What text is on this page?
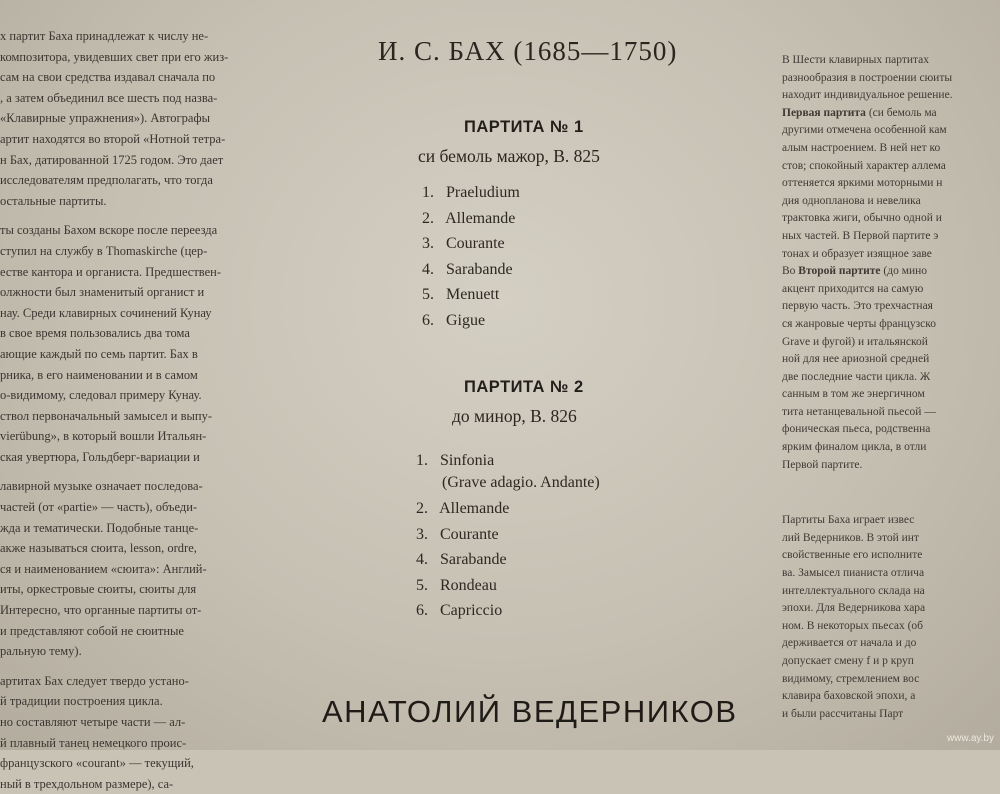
х партит Баха принадлежат к числу не-
композитора, увидевших свет при его жиз-
сам на свои средства издавал сначала по
, а затем объединил все шесть под назва-
«Клавирные упражнения»). Автографы
артит находятся во второй «Нотной тетра-
н Бах, датированной 1725 годом. Это дает
исследователям предполагать, что тогда
остальные партиты.
ты созданы Бахом вскоре после переезда
ступил на службу в Thomaskirche (цер-
естве кантора и органиста. Предшествен-
олжности был знаменитый органист и
нау. Среди клавирных сочинений Кунау
в свое время пользовались два тома
ающие каждый по семь партит. Бах в
рника, в его наименовании и в самом
о-видимому, следовал примеру Кунау.
ствол первоначальный замысел и выпу-
vierübung», в который вошли Итальян-
ская увертюра, Гольдберг-вариации и
лавирной музыке означает последова-
частей (от «partie» — часть), объеди-
жда и тематически. Подобные танце-
акже называться сюита, lesson, ordre,
ся и наименованием «сюита»: Англий-
иты, оркестровые сюиты, сюиты для
Интересно, что органные партиты от-
и представляют собой не сюитные
ральную тему).
артитах Бах следует твердо устано-
й традиции построения цикла.
но составляют четыре части — ал-
й плавный танец немецкого проис-
французского «courant» — текущий,
ный в трехдольном размере), са-
В Шести клавирных партитах
разнообразия в построении сюиты
находит индивидуальное решение.
Первая партита (си бемоль ма
другими отмечена особенной кам
алым настроением. В ней нет ко
стов; спокойный характер аллема
оттеняется яркими моторными н
дия однопланова и невелика
трактовка жиги, обычно одной и
ных частей. В Первой партите э
тонах и образует изящное заве
Во Второй партите (до мино
акцент приходится на самую
первую часть. Это трехчастная
ся жанровые черты французско
Grave и фугой) и итальянской
ной для нее ариозной средней
две последние части цикла. Ж
санным в том же энергичном
тита нетанцевальной пьесой —
фоническая пьеса, родственна
ярким финалом цикла, в отли
Первой партите.
Партиты Баха играет извес
лий Ведерников. В этой инт
свойственные его исполните
ва. Замысел пианиста отлича
интеллектуального склада на
эпохи. Для Ведерникова хара
ном. В некоторых пьесах (об
держивается от начала и до
допускает смену f и p круп
видимому, стремлением вос
клавира баховской эпохи, а
и были рассчитаны Парт
И. С. БАХ (1685—1750)
ПАРТИТА № 1
си бемоль мажор, В. 825
1. Praeludium
2. Allemande
3. Courante
4. Sarabande
5. Menuett
6. Gigue
ПАРТИТА № 2
до минор, В. 826
1. Sinfonia
(Grave adagio. Andante)
2. Allemande
3. Courante
4. Sarabande
5. Rondeau
6. Capriccio
АНАТОЛИЙ ВЕДЕРНИКОВ
www.ay.by
